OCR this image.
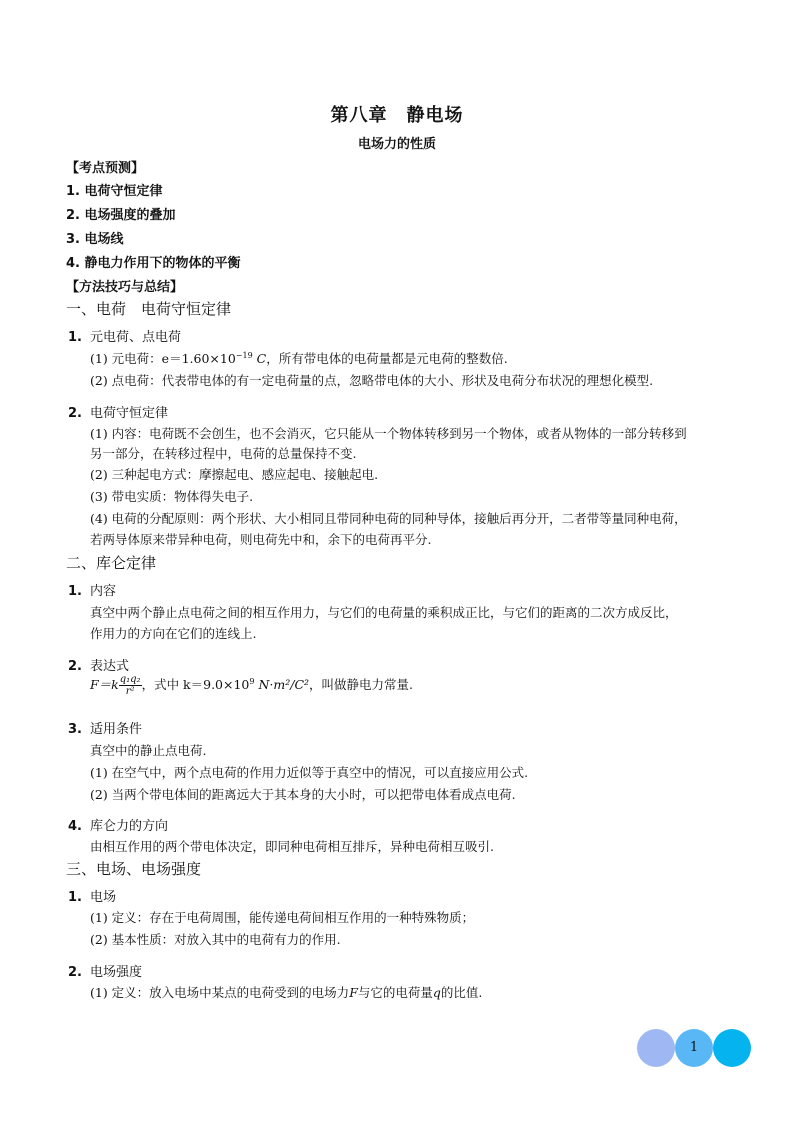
第八章　静电场
电场力的性质
【考点预测】
1. 电荷守恒定律
2. 电场强度的叠加
3. 电场线
4. 静电力作用下的物体的平衡
【方法技巧与总结】
一、电荷　电荷守恒定律
1. 元电荷、点电荷
(1) 元电荷：$e=1.60\times 10^{-19}$ C，所有带电体的电荷量都是元电荷的整数倍.
(2) 点电荷：代表带电体的有一定电荷量的点，忽略带电体的大小、形状及电荷分布状况的理想化模型.
2. 电荷守恒定律
(1) 内容：电荷既不会创生，也不会消灭，它只能从一个物体转移到另一个物体，或者从物体的一部分转移到
另一部分，在转移过程中，电荷的总量保持不变.
(2) 三种起电方式：摩擦起电、感应起电、接触起电.
(3) 带电实质：物体得失电子.
(4) 电荷的分配原则：两个形状、大小相同且带同种电荷的同种导体，接触后再分开，二者带等量同种电荷，
若两导体原来带异种电荷，则电荷先中和，余下的电荷再平分.
二、库仑定律
1. 内容
真空中两个静止点电荷之间的相互作用力，与它们的电荷量的乘积成正比，与它们的距离的二次方成反比，
作用力的方向在它们的连线上.
2. 表达式
$F=k \frac{\text{q₁q₂}}{\text{r²}}$ ，式中 $k=9.0\times 10^9$ N·m²/C²，叫做静电力常量.
3. 适用条件
真空中的静止点电荷.
(1) 在空气中，两个点电荷的作用力近似等于真空中的情况，可以直接应用公式.
(2) 当两个带电体间的距离远大于其本身的大小时，可以把带电体看成点电荷.
4. 库仑力的方向
由相互作用的两个带电体决定，即同种电荷相互排斥，异种电荷相互吸引.
三、电场、电场强度
1. 电场
(1) 定义：存在于电荷周围，能传递电荷间相互作用的一种特殊物质；
(2) 基本性质：对放入其中的电荷有力的作用.
2. 电场强度
(1) 定义：放入电场中某点的电荷受到的电场力F与它的电荷量q的比值.
1
